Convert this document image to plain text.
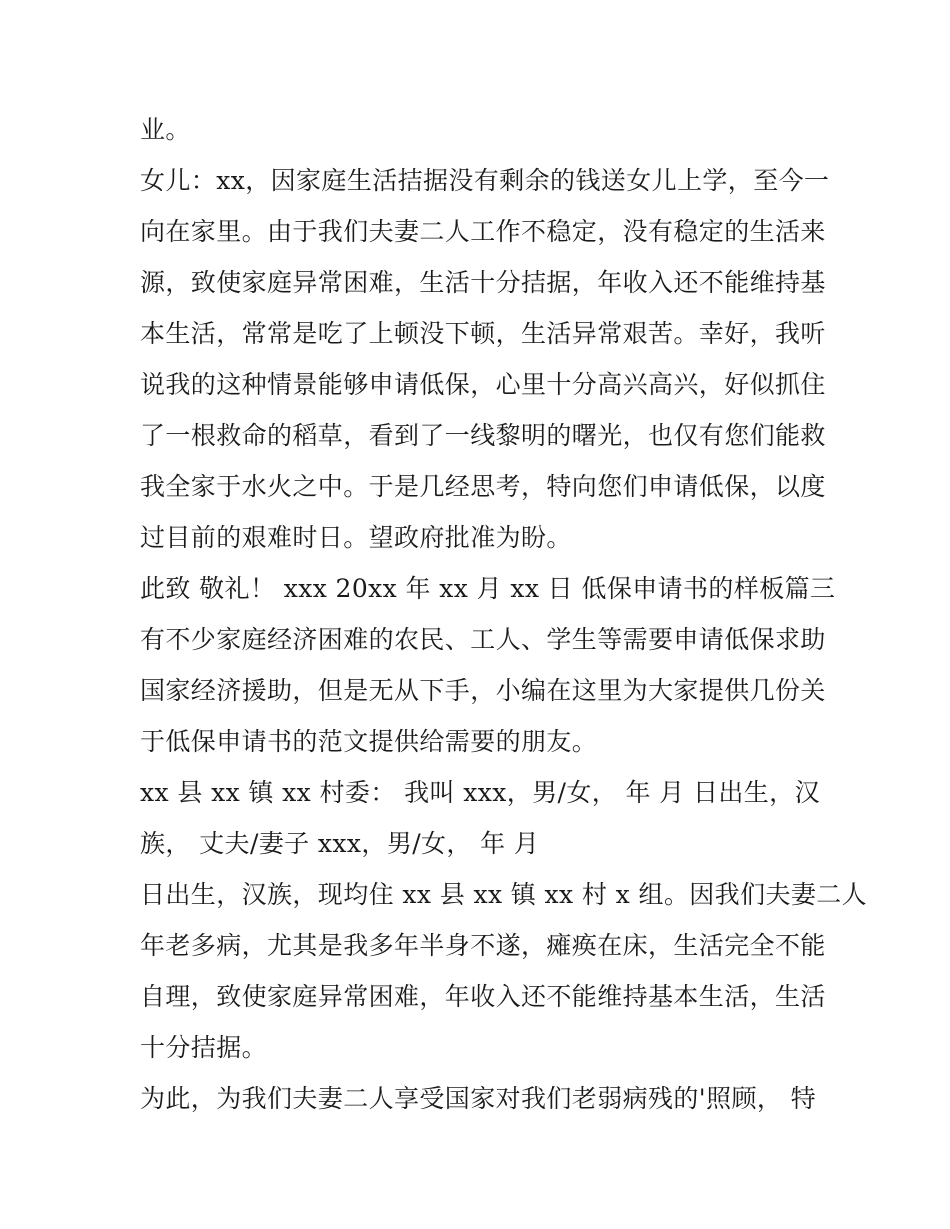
业。
女儿：xx，因家庭生活拮据没有剩余的钱送女儿上学，至今一
向在家里。由于我们夫妻二人工作不稳定，没有稳定的生活来
源，致使家庭异常困难，生活十分拮据，年收入还不能维持基
本生活，常常是吃了上顿没下顿，生活异常艰苦。幸好，我听
说我的这种情景能够申请低保，心里十分高兴高兴，好似抓住
了一根救命的稻草，看到了一线黎明的曙光，也仅有您们能救
我全家于水火之中。于是几经思考，特向您们申请低保，以度
过目前的艰难时日。望政府批准为盼。
此致 敬礼！ xxx 20xx 年 xx 月 xx 日 低保申请书的样板篇三
有不少家庭经济困难的农民、工人、学生等需要申请低保求助
国家经济援助，但是无从下手，小编在这里为大家提供几份关
于低保申请书的范文提供给需要的朋友。
xx 县 xx 镇 xx 村委： 我叫 xxx，男/女， 年 月 日出生，汉
族， 丈夫/妻子 xxx，男/女， 年 月
日出生，汉族，现均住 xx 县 xx 镇 xx 村 x 组。因我们夫妻二人
年老多病，尤其是我多年半身不遂，瘫痪在床，生活完全不能
自理，致使家庭异常困难，年收入还不能维持基本生活，生活
十分拮据。
为此，为我们夫妻二人享受国家对我们老弱病残的'照顾， 特
